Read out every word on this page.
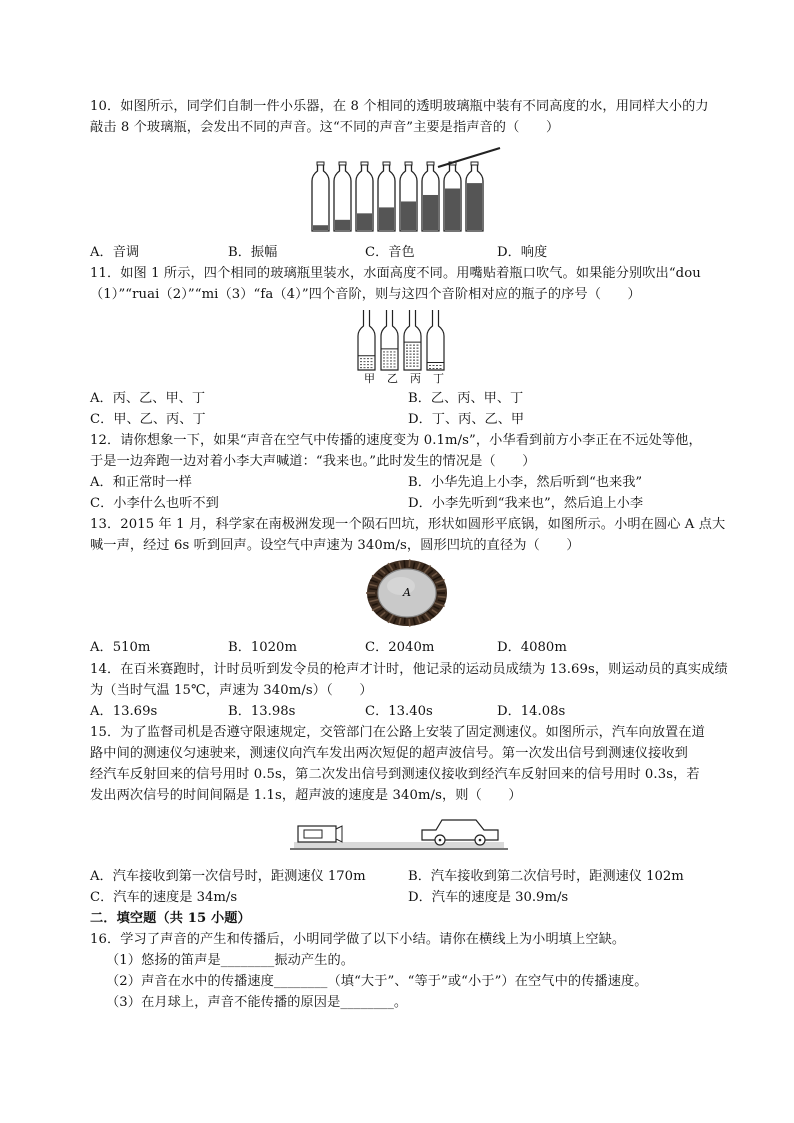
10．如图所示，同学们自制一件小乐器，在 8 个相同的透明玻璃瓶中装有不同高度的水，用同样大小的力
敲击 8 个玻璃瓶，会发出不同的声音。这“不同的声音”主要是指声音的（　　）
A．音调	B．振幅	C．音色	D．响度
11．如图 1 所示，四个相同的玻璃瓶里装水，水面高度不同。用嘴贴着瓶口吹气。如果能分别吹出“dou
（1）”“ruai（2）”“mi（3）“fa（4）”四个音阶，则与这四个音阶相对应的瓶子的序号（　　）
甲 乙 丙 丁
A．丙、乙、甲、丁	B．乙、丙、甲、丁
C．甲、乙、丙、丁	D．丁、丙、乙、甲
12．请你想象一下，如果“声音在空气中传播的速度变为 0.1m/s”，小华看到前方小李正在不远处等他，
于是一边奔跑一边对着小李大声喊道：“我来也。”此时发生的情况是（　　）
A．和正常时一样	B．小华先追上小李，然后听到“也来我”
C．小李什么也听不到	D．小李先听到“我来也”，然后追上小李
13．2015 年 1 月，科学家在南极洲发现一个陨石凹坑，形状如圆形平底锅，如图所示。小明在圆心 A 点大
喊一声，经过 6s 听到回声。设空气中声速为 340m/s，圆形凹坑的直径为（　　）
A
A．510m	B．1020m	C．2040m	D．4080m
14．在百米赛跑时，计时员听到发令员的枪声才计时，他记录的运动员成绩为 13.69s，则运动员的真实成绩
为（当时气温 15℃，声速为 340m/s）（　　）
A．13.69s	B．13.98s	C．13.40s	D．14.08s
15．为了监督司机是否遵守限速规定，交管部门在公路上安装了固定测速仪。如图所示，汽车向放置在道
路中间的测速仪匀速驶来，测速仪向汽车发出两次短促的超声波信号。第一次发出信号到测速仪接收到
经汽车反射回来的信号用时 0.5s，第二次发出信号到测速仪接收到经汽车反射回来的信号用时 0.3s，若
发出两次信号的时间间隔是 1.1s，超声波的速度是 340m/s，则（　　）
A．汽车接收到第一次信号时，距测速仪 170m	B．汽车接收到第二次信号时，距测速仪 102m
C．汽车的速度是 34m/s	D．汽车的速度是 30.9m/s
二．填空题（共 15 小题）
16．学习了声音的产生和传播后，小明同学做了以下小结。请你在横线上为小明填上空缺。
（1）悠扬的笛声是________振动产生的。
（2）声音在水中的传播速度________（填“大于”、“等于”或“小于”）在空气中的传播速度。
（3）在月球上，声音不能传播的原因是________。
